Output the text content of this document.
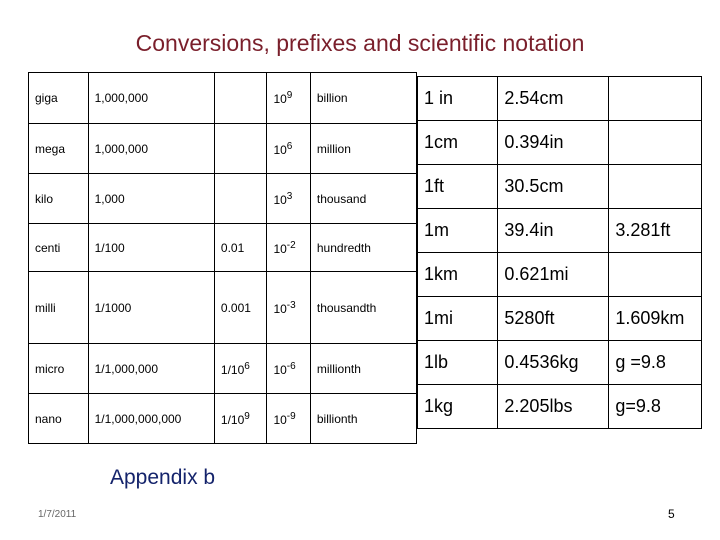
Conversions, prefixes and scientific notation
giga	1,000,000		$10^9$	billion
mega	1,000,000		$10^6$	million
kilo	1,000		$10^3$	thousand
centi	1/100	0.01	$10^{-2}$	hundredth
milli	1/1000	0.001	$10^{-3}$	thousandth
micro	1/1,000,000	$1/10^6$	$10^{-6}$	millionth
nano	1/1,000,000,000	$1/10^9$	$10^{-9}$	billionth
1 in	2.54cm	
1cm	0.394in	
1ft	30.5cm	
1m	39.4in	3.281ft
1km	0.621mi	
1mi	5280ft	1.609km
1lb	0.4536kg	g =9.8
1kg	2.205lbs	g=9.8
Appendix b
1/7/2011	5
